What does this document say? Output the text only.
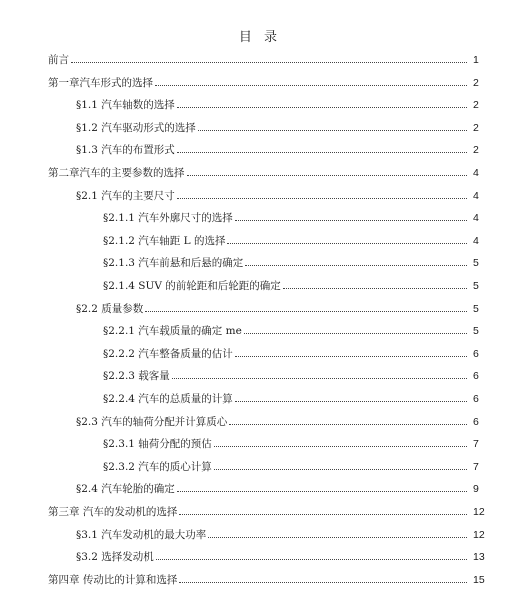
目 录
前言	1
第一章汽车形式的选择	2
§1.1 汽车轴数的选择	2
§1.2 汽车驱动形式的选择	2
§1.3 汽车的布置形式	2
第二章汽车的主要参数的选择	4
§2.1 汽车的主要尺寸	4
§2.1.1 汽车外廓尺寸的选择	4
§2.1.2 汽车轴距 L 的选择	4
§2.1.3 汽车前悬和后悬的确定	5
§2.1.4 SUV 的前轮距和后轮距的确定	5
§2.2 质量参数	5
§2.2.1 汽车载质量的确定 me	5
§2.2.2 汽车整备质量的估计	6
§2.2.3 载客量	6
§2.2.4 汽车的总质量的计算	6
§2.3 汽车的轴荷分配并计算质心	6
§2.3.1 轴荷分配的预估	7
§2.3.2 汽车的质心计算	7
§2.4 汽车轮胎的确定	9
第三章 汽车的发动机的选择	12
§3.1 汽车发动机的最大功率	12
§3.2 选择发动机	13
第四章 传动比的计算和选择	15
